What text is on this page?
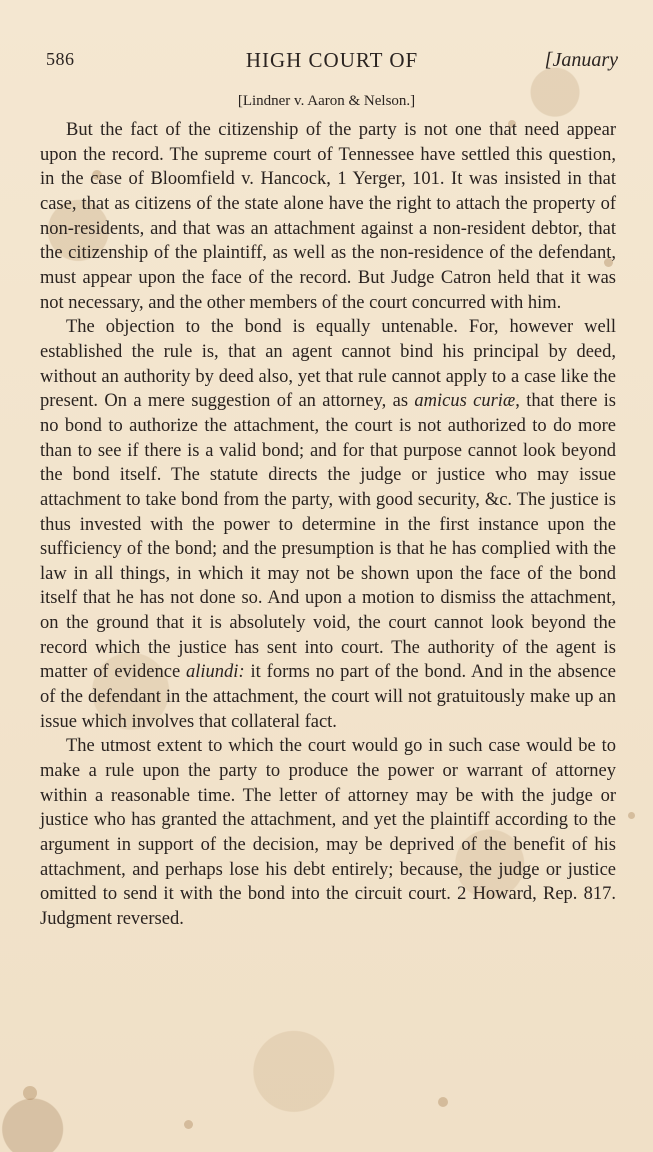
586	HIGH COURT OF	[January
[Lindner v. Aaron & Nelson.]

But the fact of the citizenship of the party is not one that need appear upon the record. The supreme court of Tennessee have settled this question, in the case of Bloomfield v. Hancock, 1 Yerger, 101. It was insisted in that case, that as citizens of the state alone have the right to attach the property of non-residents, and that was an attachment against a non-resident debtor, that the citizenship of the plaintiff, as well as the non-residence of the defendant, must appear upon the face of the record. But Judge Catron held that it was not necessary, and the other members of the court concurred with him.

The objection to the bond is equally untenable. For, however well established the rule is, that an agent cannot bind his principal by deed, without an authority by deed also, yet that rule cannot apply to a case like the present. On a mere suggestion of an attorney, as amicus curiæ, that there is no bond to authorize the attachment, the court is not authorized to do more than to see if there is a valid bond; and for that purpose cannot look beyond the bond itself. The statute directs the judge or justice who may issue attachment to take bond from the party, with good security, &c. The justice is thus invested with the power to determine in the first instance upon the sufficiency of the bond; and the presumption is that he has complied with the law in all things, in which it may not be shown upon the face of the bond itself that he has not done so. And upon a motion to dismiss the attachment, on the ground that it is absolutely void, the court cannot look beyond the record which the justice has sent into court. The authority of the agent is matter of evidence aliundi: it forms no part of the bond. And in the absence of the defendant in the attachment, the court will not gratuitously make up an issue which involves that collateral fact.

The utmost extent to which the court would go in such case would be to make a rule upon the party to produce the power or warrant of attorney within a reasonable time. The letter of attorney may be with the judge or justice who has granted the attachment, and yet the plaintiff according to the argument in support of the decision, may be deprived of the benefit of his attachment, and perhaps lose his debt entirely; because, the judge or justice omitted to send it with the bond into the circuit court. 2 Howard, Rep. 817. Judgment reversed.
